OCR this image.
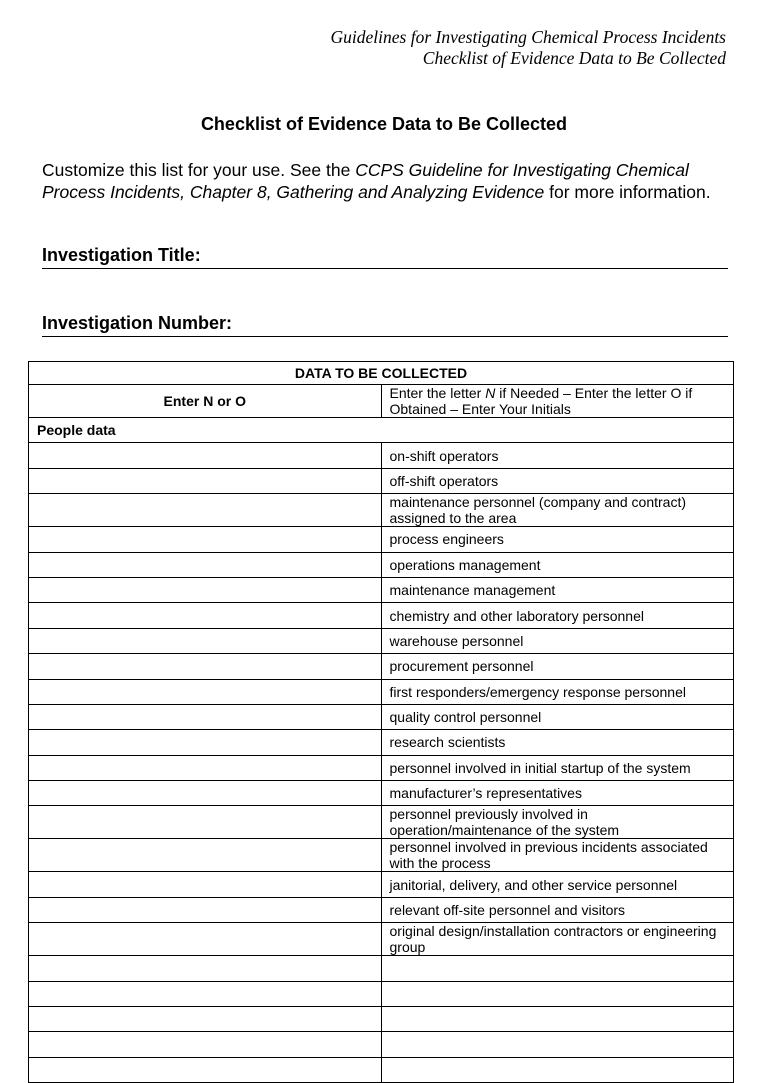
Guidelines for Investigating Chemical Process Incidents
Checklist of Evidence Data to Be Collected
Checklist of Evidence Data to Be Collected
Customize this list for your use. See the CCPS Guideline for Investigating Chemical Process Incidents, Chapter 8, Gathering and Analyzing Evidence for more information.
Investigation Title:
Investigation Number:
DATA TO BE COLLECTED	
Enter N or O	Enter the letter N if Needed – Enter the letter O if Obtained – Enter Your Initials
People data	
	on-shift operators
	off-shift operators
	maintenance personnel (company and contract) assigned to the area
	process engineers
	operations management
	maintenance management
	chemistry and other laboratory personnel
	warehouse personnel
	procurement personnel
	first responders/emergency response personnel
	quality control personnel
	research scientists
	personnel involved in initial startup of the system
	manufacturer’s representatives
	personnel previously involved in operation/maintenance of the system
	personnel involved in previous incidents associated with the process
	janitorial, delivery, and other service personnel
	relevant off-site personnel and visitors
	original design/installation contractors or engineering group
